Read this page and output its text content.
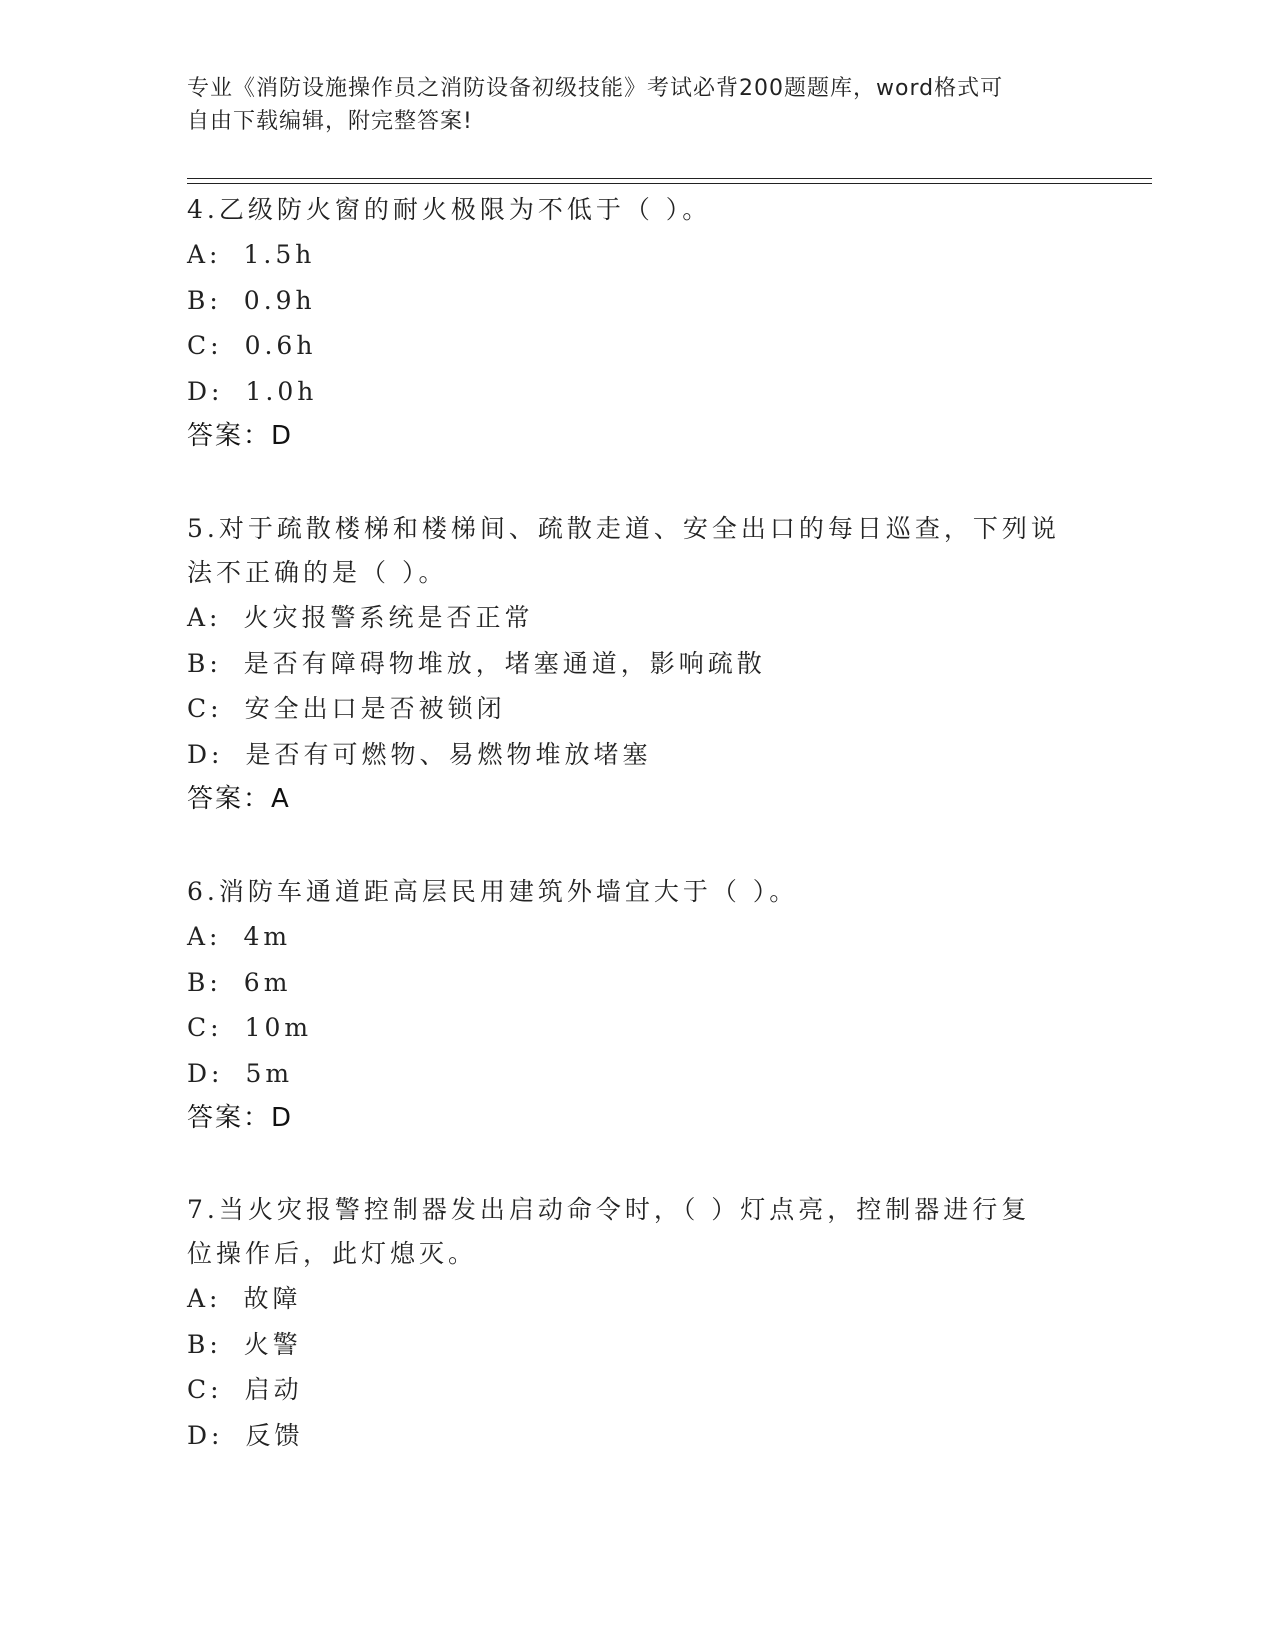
专业《消防设施操作员之消防设备初级技能》考试必背200题题库，word格式可
自由下载编辑，附完整答案!

4.乙级防火窗的耐火极限为不低于（ ）。

A: 1.5h

B: 0.9h

C: 0.6h

D: 1.0h

答案：D

5.对于疏散楼梯和楼梯间、疏散走道、安全出口的每日巡查，下列说

法不正确的是（ ）。

A: 火灾报警系统是否正常

B: 是否有障碍物堆放，堵塞通道，影响疏散

C: 安全出口是否被锁闭

D: 是否有可燃物、易燃物堆放堵塞

答案：A

6.消防车通道距高层民用建筑外墙宜大于（ ）。

A: 4m

B: 6m

C: 10m

D: 5m

答案：D

7.当火灾报警控制器发出启动命令时，（ ）灯点亮，控制器进行复

位操作后，此灯熄灭。

A: 故障

B: 火警

C: 启动

D: 反馈
